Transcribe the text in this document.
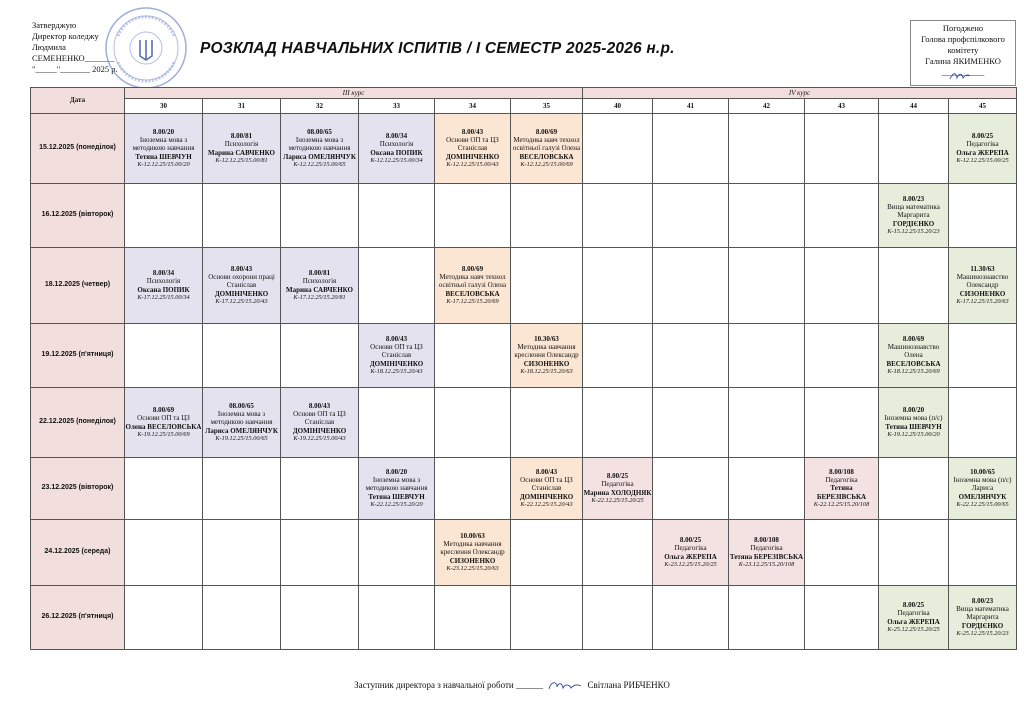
Затверджую
Директор коледжу
Людмила
СЕМЕНЕНКО_______
"_____"_______ 2025 р.
РОЗКЛАД НАВЧАЛЬНИХ ІСПИТІВ / І СЕМЕСТР 2025-2026 н.р.
Погоджено
Голова профспілкового
комітету
Галина ЯКИМЕНКО
__________
Дата	ІІІ курс						ІV курс					
	30	31	32	33	34	35	40	41	42	43	44	45
15.12.2025 (понеділок)	8.00/20
Іноземна мова з методикою навчання
Тетяна ШЕВЧУН
К-12.12.25/15.00/20	8.00/81
Психологія
Марина САВЧЕНКО
К-12.12.25/15.00/81	08.00/65
Іноземна мова з методикою навчання
Лариса ОМЕЛЯНЧУК
К-12.12.25/15.00/65	8.00/34
Психологія
Оксана ПОПИК
К-12.12.25/15.00/34	8.00/43
Основи ОП та ЦЗ Станіслав
ДОМІНІЧЕНКО
К-12.12.25/15.00/43	8.00/69
Методика навч технол освітньої галузі Олена
ВЕСЕЛОВСЬКА
К-12.12.25/15.00/69						8.00/25
Педагогіка
Ольга ЖЕРЕПА
К-12.12.25/15.00/25

16.12.2025 (вівторок)											8.00/23
Вища математика Маргарита
ГОРДІЄНКО
К-15.12.25/15.20/23	

18.12.2025 (четвер)	8.00/34
Психологія
Оксана ПОПИК
К-17.12.25/15.00/34	8.00/43
Основи охорони праці Станіслав
ДОМІНІЧЕНКО
К-17.12.25/15.20/43	8.00/81
Психологія
Марина САВЧЕНКО
К-17.12.25/15.20/81		8.00/69
Методика навч технол освітньої галузі Олена
ВЕСЕЛОВСЬКА
К-17.12.25/15.20/69							11.30/63
Машинознавство Олександр
СИЗОНЕНКО
К-17.12.25/15.20/63

19.12.2025 (п'ятниця)				8.00/43
Основи ОП та ЦЗ Станіслав
ДОМІНІЧЕНКО
К-18.12.25/15.20/43		10.30/63
Методика навчання креслення Олександр
СИЗОНЕНКО
К-18.12.25/15.20/63					8.00/69
Машинознавство Олена
ВЕСЕЛОВСЬКА
К-18.12.25/15.20/69	

22.12.2025 (понеділок)	8.00/69
Основи ОП та ЦЗ
Олена ВЕСЕЛОВСЬКА
К-19.12.25/15.00/69	08.00/65
Іноземна мова з методикою навчання
Лариса ОМЕЛЯНЧУК
К-19.12.25/15.00/65	8.00/43
Основи ОП та ЦЗ Станіслав
ДОМІНІЧЕНКО
К-19.12.25/15.00/43								8.00/20
Іноземна мова (п/с)
Тетяна ШЕВЧУН
К-19.12.25/15.00/20	

23.12.2025 (вівторок)				8.00/20
Іноземна мова з методикою навчання
Тетяна ШЕВЧУН
К-22.12.25/15.20/20		8.00/43
Основи ОП та ЦЗ Станіслав
ДОМІНІЧЕНКО
К-22.12.25/15.20/43	8.00/25
Педагогіка
Марина ХОЛОДНЯК
К-22.12.25/15.20/25			8.00/108
Педагогіка
Тетяна БЕРЕЗІВСЬКА
К-22.12.25/15.20/108		10.00/65
Іноземна мова (п/с) Лариса
ОМЕЛЯНЧУК
К-22.12.25/15.00/65

24.12.2025 (середа)					10.00/63
Методика навчання креслення Олександр
СИЗОНЕНКО
К-23.12.25/15.20/63			8.00/25
Педагогіка
Ольга ЖЕРЕПА
К-23.12.25/15.20/25	8.00/108
Педагогіка
Тетяна БЕРЕЗІВСЬКА
К-23.12.25/15.20/108			

26.12.2025 (п'ятниця)											8.00/25
Педагогіка
Ольга ЖЕРЕПА
К-25.12.25/15.20/25	8.00/23
Вища математика Маргарита
ГОРДІЄНКО
К-25.12.25/15.20/23
Заступник директора з навчальної роботи ______	Світлана РИБЧЕНКО
